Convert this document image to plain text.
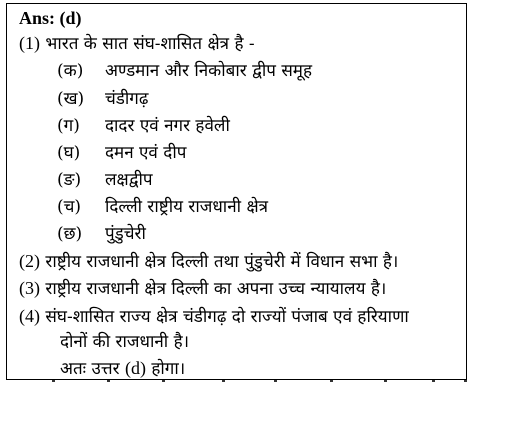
Ans: (d)
(1) भारत के सात संघ-शासित क्षेत्र है -
(क) अण्डमान और निकोबार द्वीप समूह
(ख) चंडीगढ़
(ग) दादर एवं नगर हवेली
(घ) दमन एवं दीप
(ङ) लक्षद्वीप
(च) दिल्ली राष्ट्रीय राजधानी क्षेत्र
(छ) पुंडुचेरी
(2) राष्ट्रीय राजधानी क्षेत्र दिल्ली तथा पुंडुचेरी में विधान सभा है।
(3) राष्ट्रीय राजधानी क्षेत्र दिल्ली का अपना उच्च न्यायालय है।
(4) संघ-शासित राज्य क्षेत्र चंडीगढ़ दो राज्यों पंजाब एवं हरियाणा
दोनों की राजधानी है।
अतः उत्तर (d) होगा।
